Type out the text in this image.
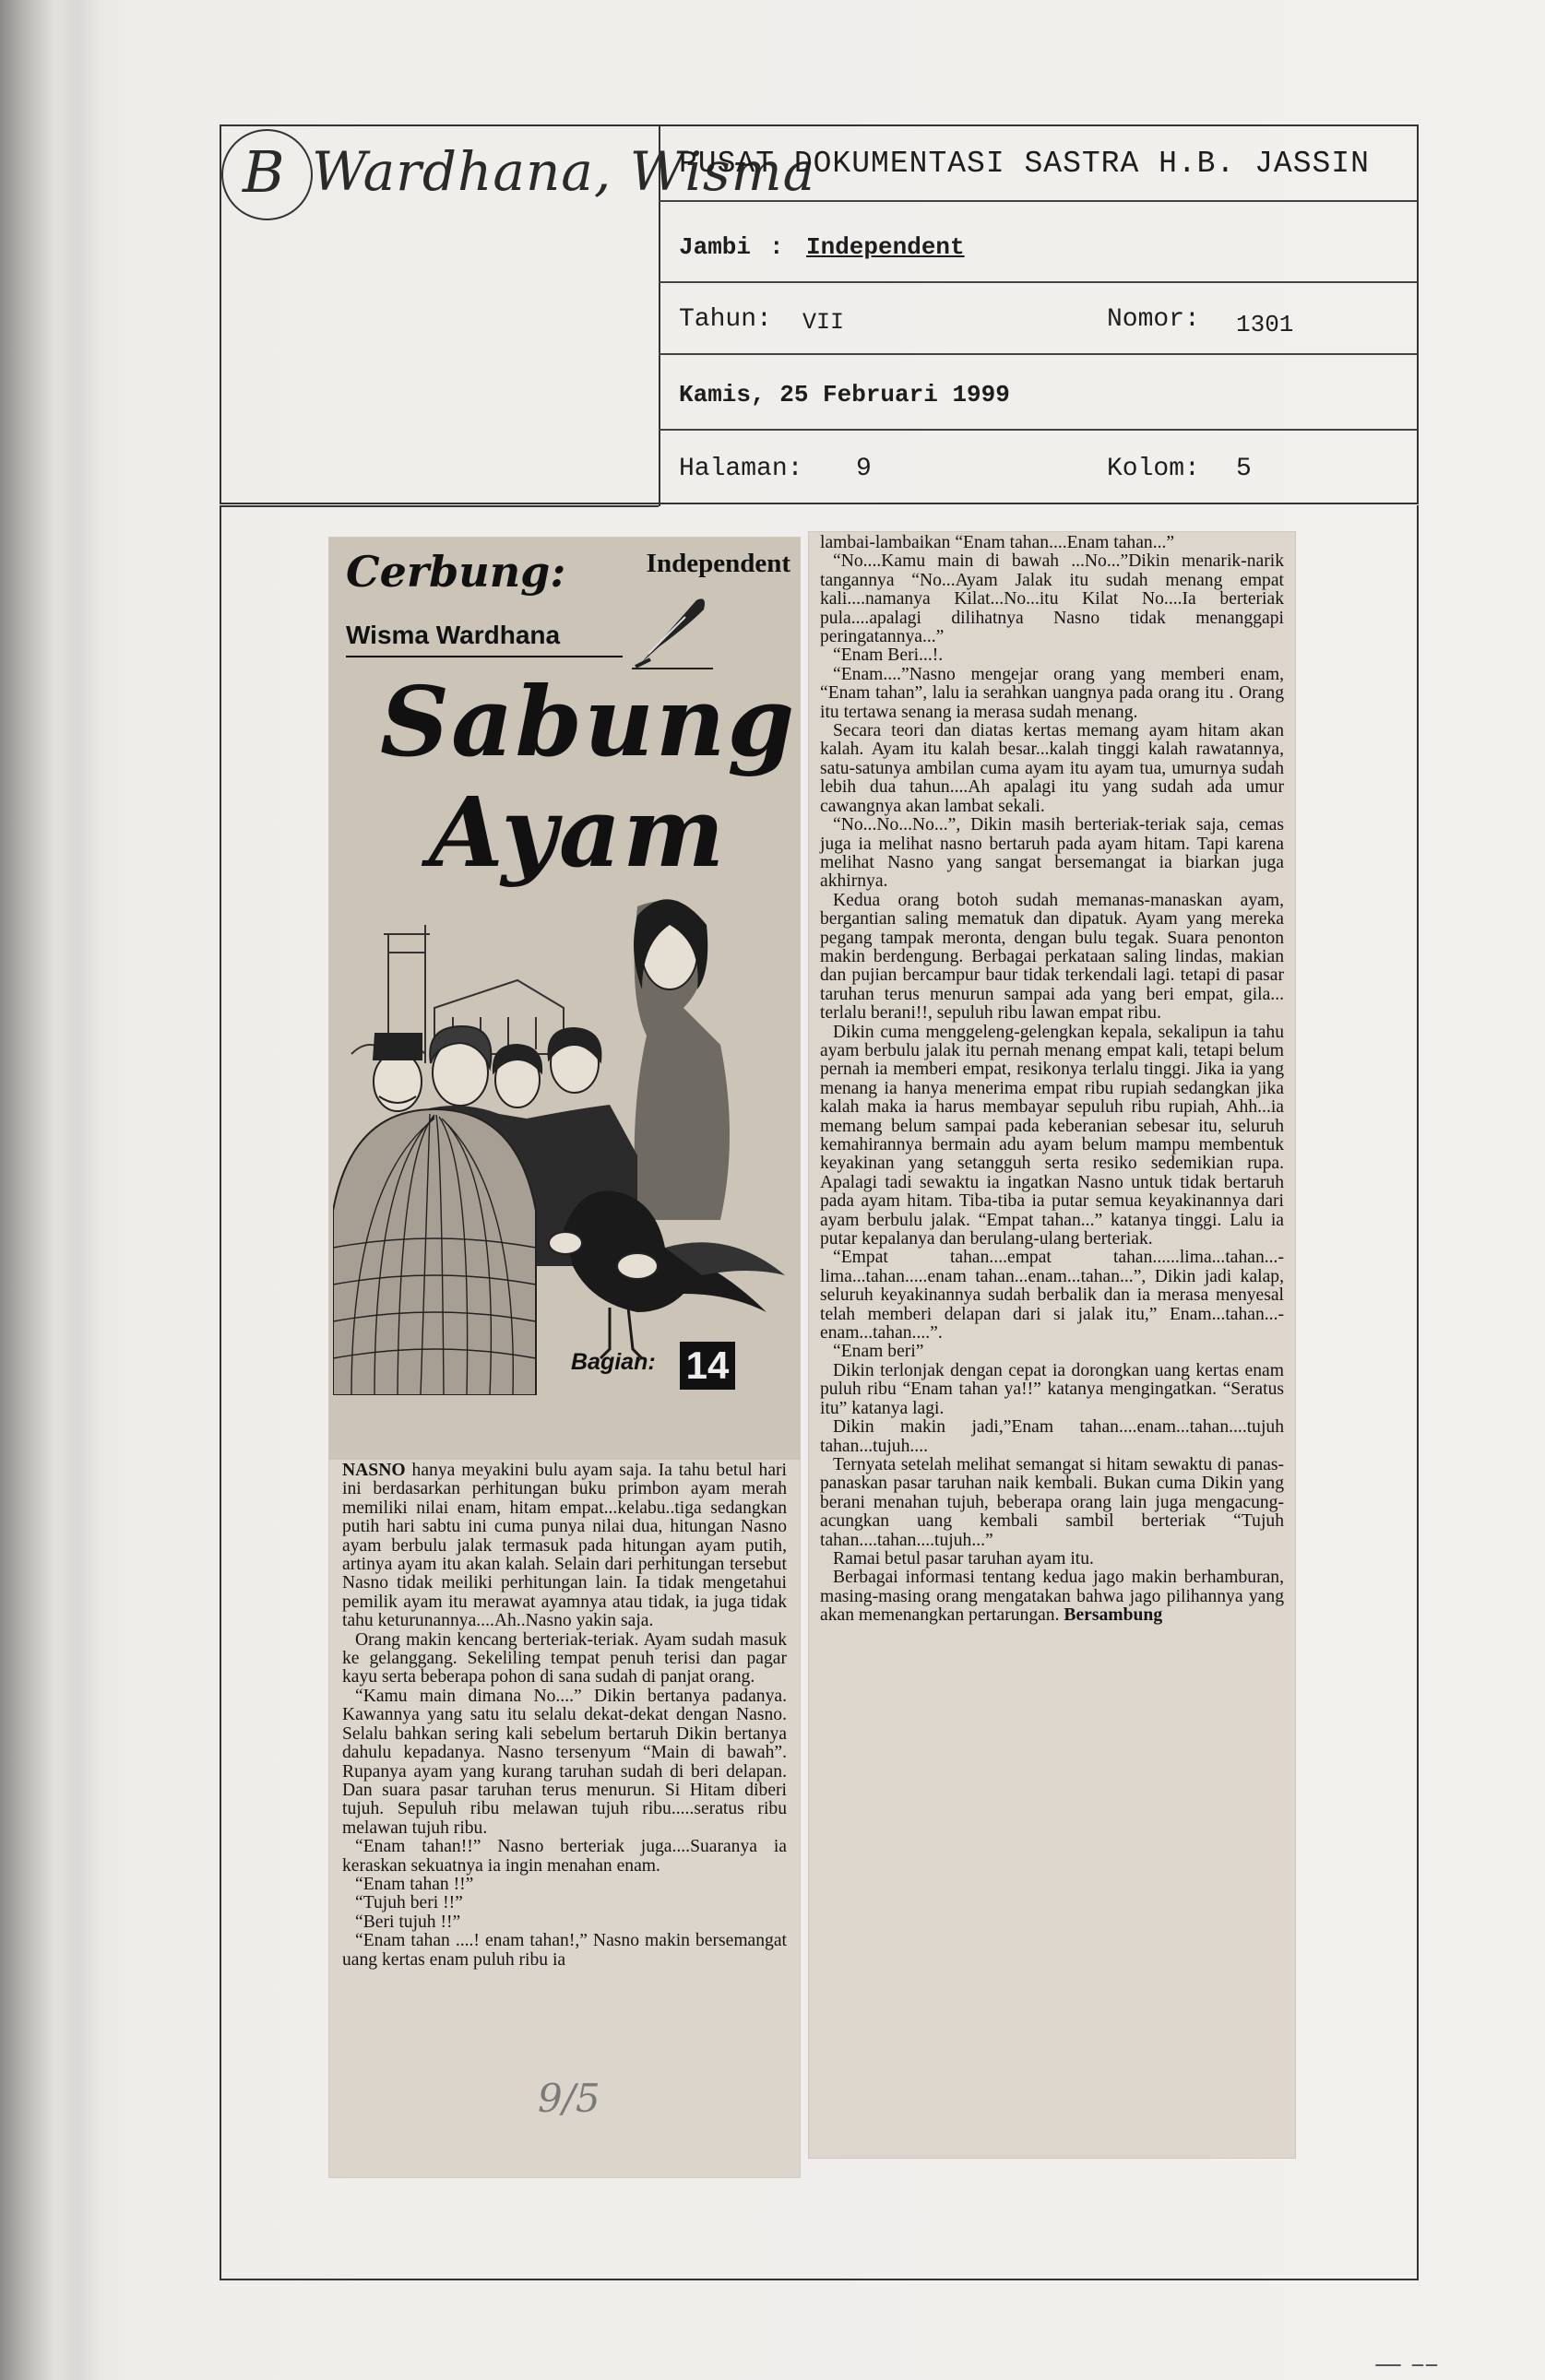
B Wardhana, Wisma
PUSAT DOKUMENTASI SASTRA H.B. JASSIN
Jambi : Independent
Tahun: VII	Nomor: 1301
Kamis, 25 Februari 1999
Halaman: 9	Kolom: 5
Cerbung:	Independent
Wisma Wardhana
Sabung
Ayam
Bagian: 14

NASNO hanya meyakini bulu ayam saja. Ia tahu betul hari ini berdasarkan perhitungan buku primbon ayam merah memiliki nilai enam, hitam empat...kelabu..tiga sedangkan putih hari sabtu ini cuma punya nilai dua, hitungan Nasno ayam berbulu jalak termasuk pada hitungan ayam putih, artinya ayam itu akan kalah. Selain dari perhitungan tersebut Nasno tidak meiliki perhitungan lain. Ia tidak mengetahui pemilik ayam itu merawat ayamnya atau tidak, ia juga tidak tahu keturunannya....Ah..Nasno yakin saja.

Orang makin kencang berteriak-teriak. Ayam sudah masuk ke gelanggang. Sekeliling tempat penuh terisi dan pagar kayu serta beberapa pohon di sana sudah di panjat orang.

“Kamu main dimana No....” Dikin bertanya padanya. Kawannya yang satu itu selalu dekat-dekat dengan Nasno. Selalu bahkan sering kali sebelum bertaruh Dikin bertanya dahulu kepadanya. Nasno tersenyum “Main di bawah”. Rupanya ayam yang kurang taruhan sudah di beri delapan. Dan suara pasar taruhan terus menurun. Si Hitam diberi tujuh. Sepuluh ribu melawan tujuh ribu.....seratus ribu melawan tujuh ribu.

“Enam tahan!!” Nasno berteriak juga....Suaranya ia keraskan sekuatnya ia ingin menahan enam.

“Enam tahan !!”

“Tujuh beri !!”

“Beri tujuh !!”

“Enam tahan ....! enam tahan!,” Nasno makin bersemangat uang kertas enam puluh ribu ia

lambai-lambaikan “Enam tahan....Enam tahan...”

“No....Kamu main di bawah ...No...”Dikin menarik-narik tangannya “No...Ayam Jalak itu sudah menang empat kali....namanya Kilat...No...itu Kilat No....Ia berteriak pula....apalagi dilihatnya Nasno tidak menanggapi peringatannya...”

“Enam Beri...!.

“Enam....”Nasno mengejar orang yang memberi enam, “Enam tahan”, lalu ia serahkan uangnya pada orang itu . Orang itu tertawa senang ia merasa sudah menang.

Secara teori dan diatas kertas memang ayam hitam akan kalah. Ayam itu kalah besar...kalah tinggi kalah rawatannya, satu-satunya ambilan cuma ayam itu ayam tua, umurnya sudah lebih dua tahun....Ah apalagi itu yang sudah ada umur cawangnya akan lambat sekali.

“No...No...No...”, Dikin masih berteriak-teriak saja, cemas juga ia melihat nasno bertaruh pada ayam hitam. Tapi karena melihat Nasno yang sangat bersemangat ia biarkan juga akhirnya.

Kedua orang botoh sudah memanas-manaskan ayam, bergantian saling mematuk dan dipatuk. Ayam yang mereka pegang tampak meronta, dengan bulu tegak. Suara penonton makin berdengung. Berbagai perkataan saling lindas, makian dan pujian bercampur baur tidak terkendali lagi. tetapi di pasar taruhan terus menurun sampai ada yang beri empat, gila... terlalu berani!!, sepuluh ribu lawan empat ribu.

Dikin cuma menggeleng-gelengkan kepala, sekalipun ia tahu ayam berbulu jalak itu pernah menang empat kali, tetapi belum pernah ia memberi empat, resikonya terlalu tinggi. Jika ia yang menang ia hanya menerima empat ribu rupiah sedangkan jika kalah maka ia harus membayar sepuluh ribu rupiah, Ahh...ia memang belum sampai pada keberanian sebesar itu, seluruh kemahirannya bermain adu ayam belum mampu membentuk keyakinan yang setangguh serta resiko sedemikian rupa. Apalagi tadi sewaktu ia ingatkan Nasno untuk tidak bertaruh pada ayam hitam. Tiba-tiba ia putar semua keyakinannya dari ayam berbulu jalak. “Empat tahan...” katanya tinggi. Lalu ia putar kepalanya dan berulang-ulang berteriak.

“Empat tahan....empat tahan......lima...tahan...-lima...tahan.....enam tahan...enam...tahan...”, Dikin jadi kalap, seluruh keyakinannya sudah berbalik dan ia merasa menyesal telah memberi delapan dari si jalak itu,” Enam...tahan...-enam...tahan....”.

“Enam beri”

Dikin terlonjak dengan cepat ia dorongkan uang kertas enam puluh ribu “Enam tahan ya!!” katanya mengingatkan. “Seratus itu” katanya lagi.

Dikin makin jadi,”Enam tahan....enam...tahan....tujuh tahan...tujuh....

Ternyata setelah melihat semangat si hitam sewaktu di panas-panaskan pasar taruhan naik kembali. Bukan cuma Dikin yang berani menahan tujuh, beberapa orang lain juga mengacung-acungkan uang kembali sambil berteriak “Tujuh tahan....tahan....tujuh...”

Ramai betul pasar taruhan ayam itu.

Berbagai informasi tentang kedua jago makin berhamburan, masing-masing orang mengatakan bahwa jago pilihannya yang akan memenangkan pertarungan. Bersambung

9/5
— ––
